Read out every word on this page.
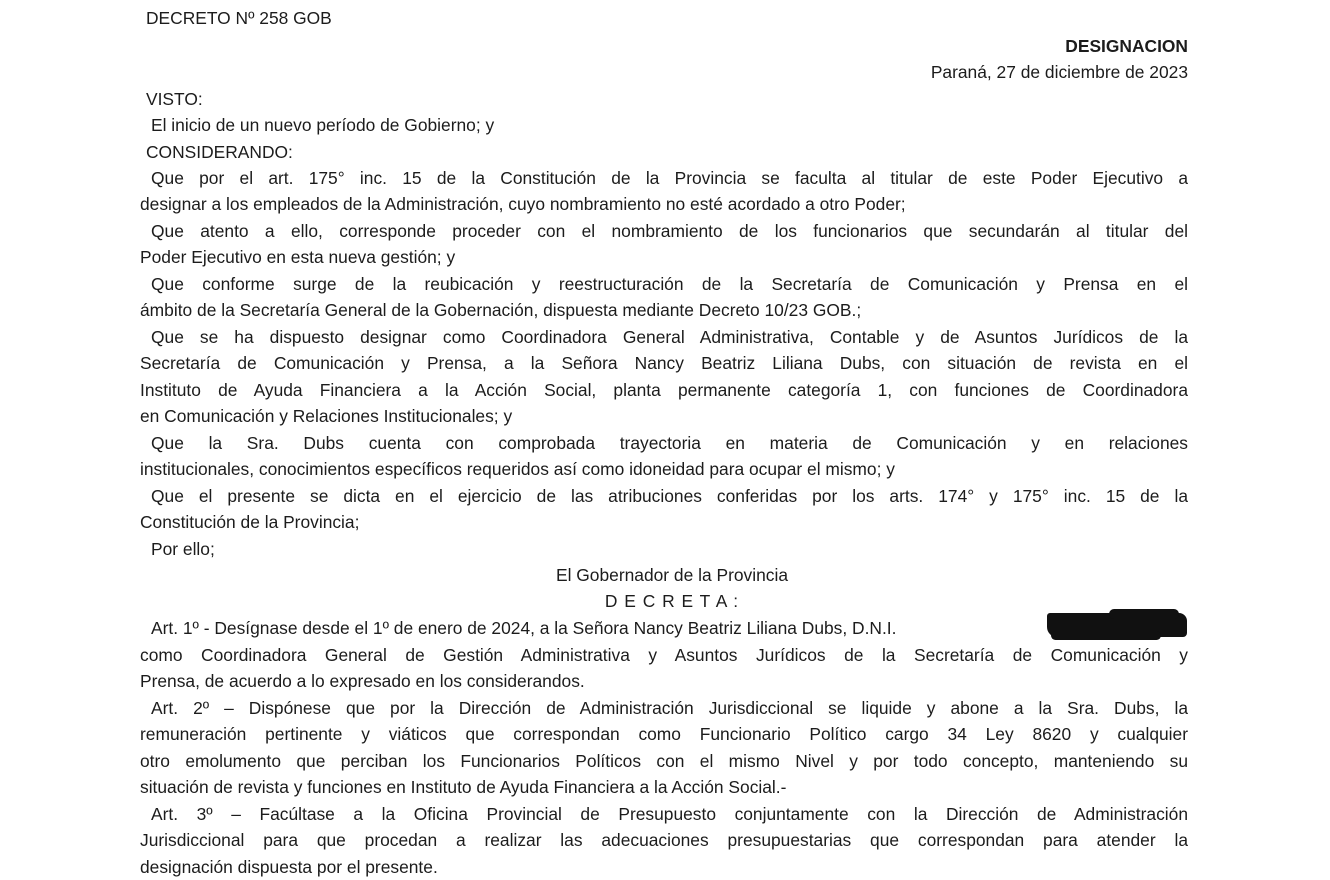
DECRETO Nº 258 GOB
DESIGNACION
Paraná, 27 de diciembre de 2023
VISTO:
El inicio de un nuevo período de Gobierno; y
CONSIDERANDO:
Que por el art. 175° inc. 15 de la Constitución de la Provincia se faculta al titular de este Poder Ejecutivo a
designar a los empleados de la Administración, cuyo nombramiento no esté acordado a otro Poder;
Que atento a ello, corresponde proceder con el nombramiento de los funcionarios que secundarán al titular del
Poder Ejecutivo en esta nueva gestión; y
Que conforme surge de la reubicación y reestructuración de la Secretaría de Comunicación y Prensa en el
ámbito de la Secretaría General de la Gobernación, dispuesta mediante Decreto 10/23 GOB.;
Que se ha dispuesto designar como Coordinadora General Administrativa, Contable y de Asuntos Jurídicos de la
Secretaría de Comunicación y Prensa, a la Señora Nancy Beatriz Liliana Dubs, con situación de revista en el
Instituto de Ayuda Financiera a la Acción Social, planta permanente categoría 1, con funciones de Coordinadora
en Comunicación y Relaciones Institucionales; y
Que la Sra. Dubs cuenta con comprobada trayectoria en materia de Comunicación y en relaciones
institucionales, conocimientos específicos requeridos así como idoneidad para ocupar el mismo; y
Que el presente se dicta en el ejercicio de las atribuciones conferidas por los arts. 174° y 175° inc. 15 de la
Constitución de la Provincia;
Por ello;
El Gobernador de la Provincia
D E C R E T A :
Art. 1º - Desígnase desde el 1º de enero de 2024, a la Señora Nancy Beatriz Liliana Dubs, D.N.I.
como Coordinadora General de Gestión Administrativa y Asuntos Jurídicos de la Secretaría de Comunicación y
Prensa, de acuerdo a lo expresado en los considerandos.
Art. 2º – Dispónese que por la Dirección de Administración Jurisdiccional se liquide y abone a la Sra. Dubs, la
remuneración pertinente y viáticos que correspondan como Funcionario Político cargo 34 Ley 8620 y cualquier
otro emolumento que perciban los Funcionarios Políticos con el mismo Nivel y por todo concepto, manteniendo su
situación de revista y funciones en Instituto de Ayuda Financiera a la Acción Social.-
Art. 3º – Facúltase a la Oficina Provincial de Presupuesto conjuntamente con la Dirección de Administración
Jurisdiccional para que procedan a realizar las adecuaciones presupuestarias que correspondan para atender la
designación dispuesta por el presente.
